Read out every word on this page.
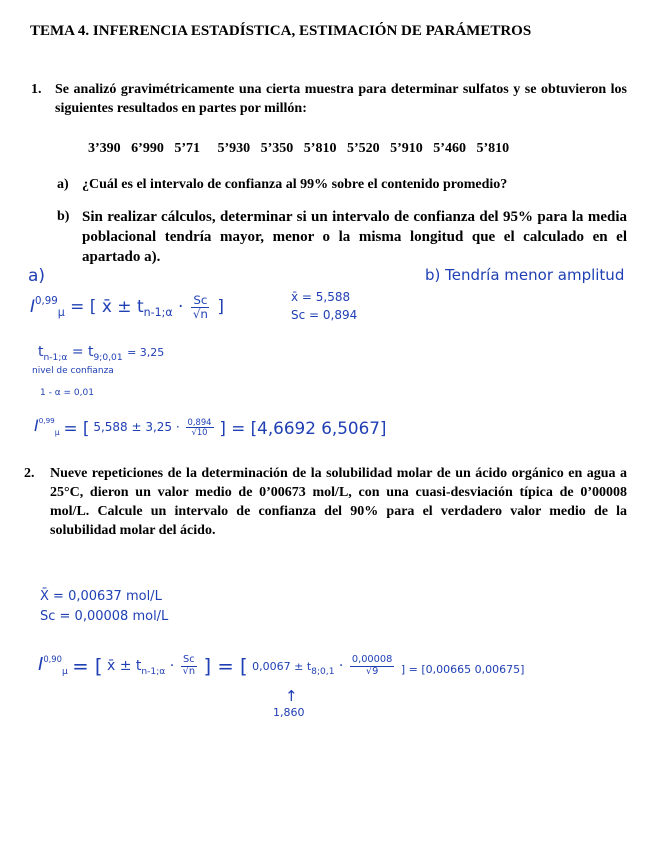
TEMA 4. INFERENCIA ESTADÍSTICA, ESTIMACIÓN DE PARÁMETROS

1. Se analizó gravimétricamente una cierta muestra para determinar sulfatos y se obtuvieron los siguientes resultados en partes por millón:

3’390   6’990   5’71     5’930   5’350   5’810   5’520   5’910   5’460   5’810

a) ¿Cuál es el intervalo de confianza al 99% sobre el contenido promedio?

b) Sin realizar cálculos, determinar si un intervalo de confianza del 95% para la media poblacional tendría mayor, menor o la misma longitud que el calculado en el apartado a).

a)	b) Tendría menor amplitud
x̄ = 5,588
Sc = 0,894
I$^{0,99}_\mu$ = [ x̄ ± $t_{n-1;\alpha} \cdot \frac{Sc}{√n}$ ]
$t_{n-1;\alpha} = t_{9;0,01} = 3,25$
nivel de confianza
1 - α = 0,01
I$^{0,99}_\mu$ = [ $5,588 \pm 3,25 \cdot \frac{0,894}{√10}$ ] = [4,6692 6,5067]
2. Nueve repeticiones de la determinación de la solubilidad molar de un ácido orgánico en agua a 25°C, dieron un valor medio de 0’00673 mol/L, con una cuasi-desviación típica de 0’00008 mol/L. Calcule un intervalo de confianza del 90% para el verdadero valor medio de la solubilidad molar del ácido.

X̄ = 0,00637 mol/L
Sc = 0,00008 mol/L
I$^{0,90}_\mu$ = [ x̄ ± $t_{n-1;\alpha} \cdot \frac{Sc}{√n}$ ] = [ $0,0067 \pm t_{8;0,1} \cdot \frac{0,00008}{√9} _{] = [0,00665 0,00675]}$
↑
1,860
